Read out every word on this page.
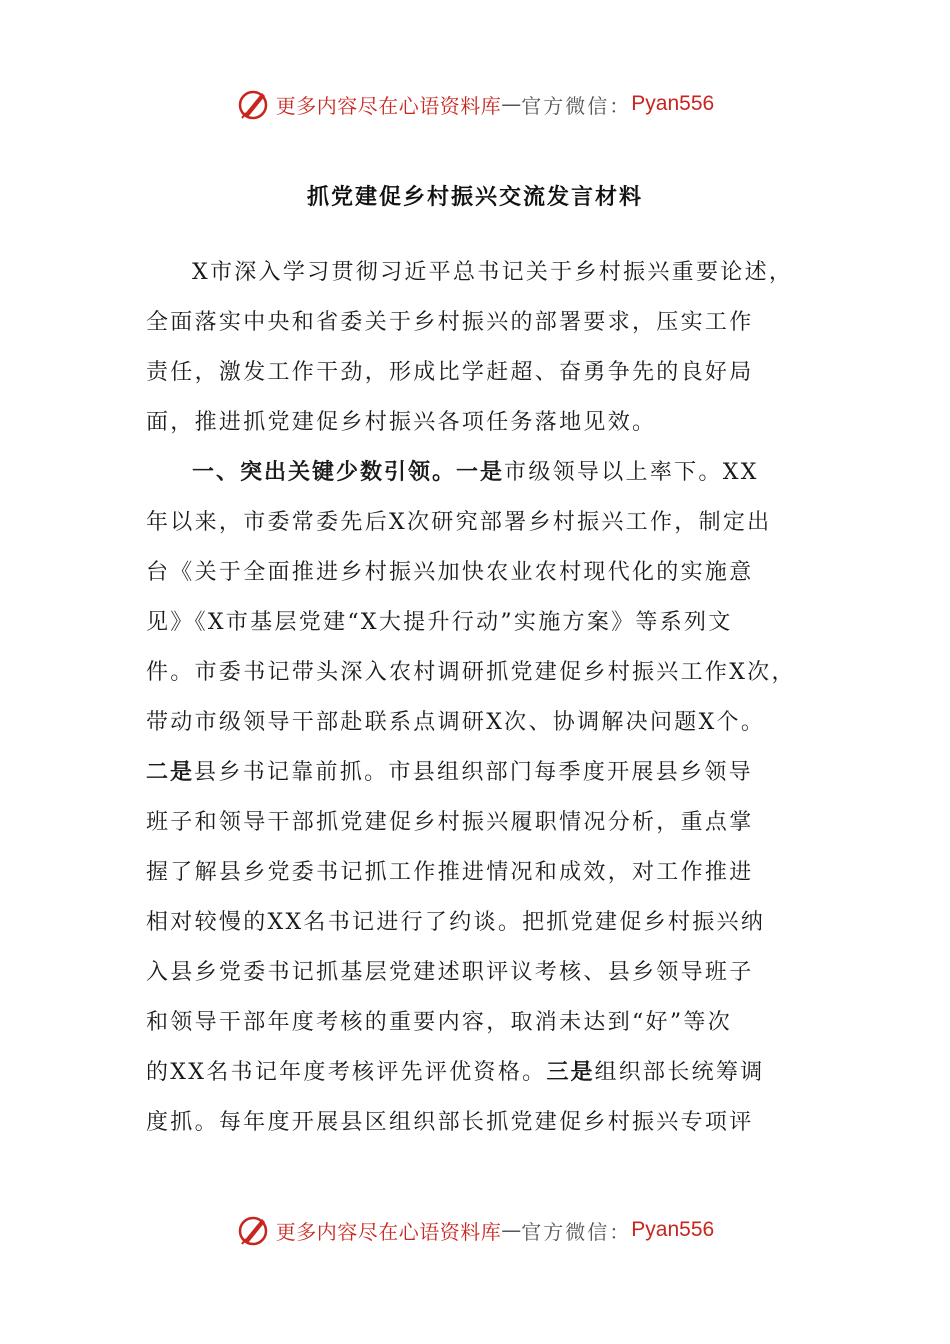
更多内容尽在心语资料库 — 官方微信： Pyan556
抓党建促乡村振兴交流发言材料
X市深入学习贯彻习近平总书记关于乡村振兴重要论述，
全面落实中央和省委关于乡村振兴的部署要求，压实工作
责任，激发工作干劲，形成比学赶超、奋勇争先的良好局
面，推进抓党建促乡村振兴各项任务落地见效。
一、突出关键少数引领。一是市级领导以上率下。XX
年以来，市委常委先后X次研究部署乡村振兴工作，制定出
台《关于全面推进乡村振兴加快农业农村现代化的实施意
见》《X市基层党建“X大提升行动”实施方案》等系列文
件。市委书记带头深入农村调研抓党建促乡村振兴工作X次，
带动市级领导干部赴联系点调研X次、协调解决问题X个。
二是县乡书记靠前抓。市县组织部门每季度开展县乡领导
班子和领导干部抓党建促乡村振兴履职情况分析，重点掌
握了解县乡党委书记抓工作推进情况和成效，对工作推进
相对较慢的XX名书记进行了约谈。把抓党建促乡村振兴纳
入县乡党委书记抓基层党建述职评议考核、县乡领导班子
和领导干部年度考核的重要内容，取消未达到“好”等次
的XX名书记年度考核评先评优资格。三是组织部长统筹调
度抓。每年度开展县区组织部长抓党建促乡村振兴专项评
更多内容尽在心语资料库 — 官方微信： Pyan556
